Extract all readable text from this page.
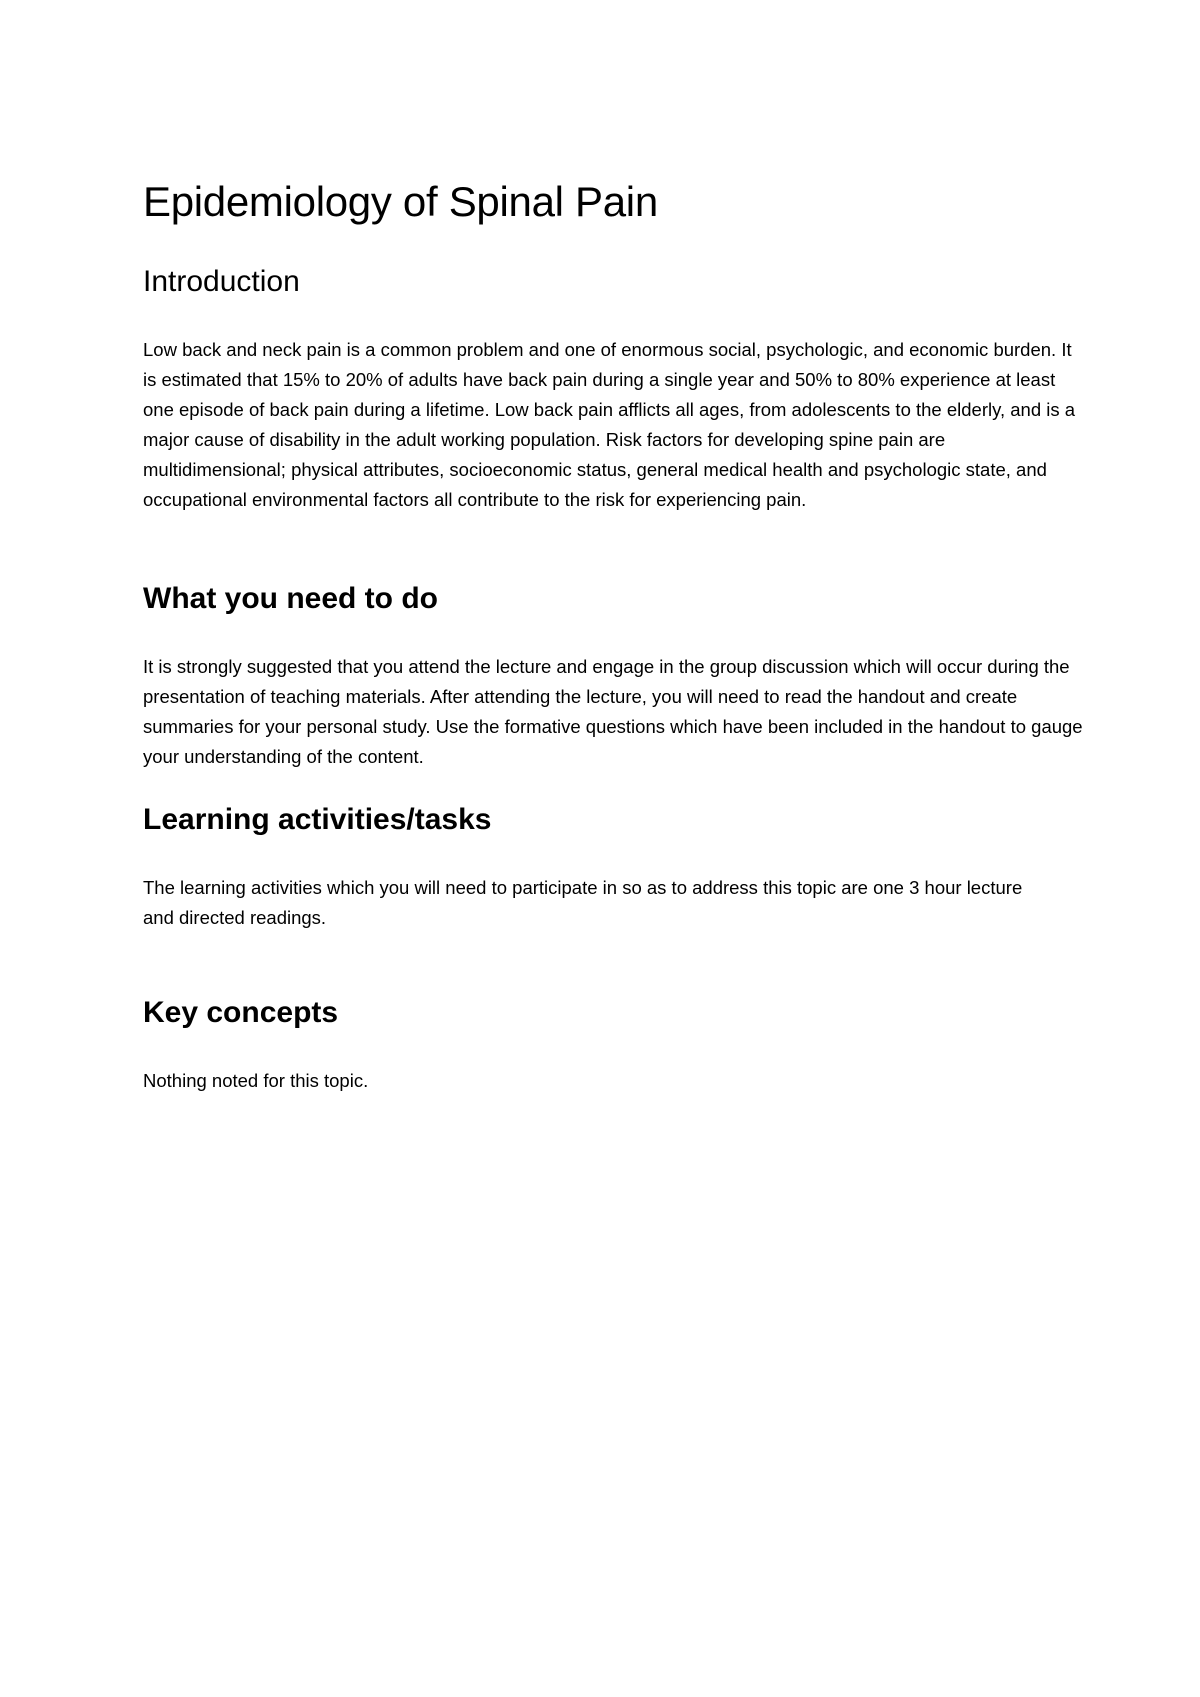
Epidemiology of Spinal Pain
Introduction

Low back and neck pain is a common problem and one of enormous social, psychologic, and economic burden. It is estimated that 15% to 20% of adults have back pain during a single year and 50% to 80% experience at least one episode of back pain during a lifetime. Low back pain afflicts all ages, from adolescents to the elderly, and is a major cause of disability in the adult working population. Risk factors for developing spine pain are multidimensional; physical attributes, socioeconomic status, general medical health and psychologic state, and occupational environmental factors all contribute to the risk for experiencing pain.

What you need to do

It is strongly suggested that you attend the lecture and engage in the group discussion which will occur during the presentation of teaching materials. After attending the lecture, you will need to read the handout and create summaries for your personal study. Use the formative questions which have been included in the handout to gauge your understanding of the content.

Learning activities/tasks

The learning activities which you will need to participate in so as to address this topic are one 3 hour lecture and directed readings.

Key concepts

Nothing noted for this topic.
